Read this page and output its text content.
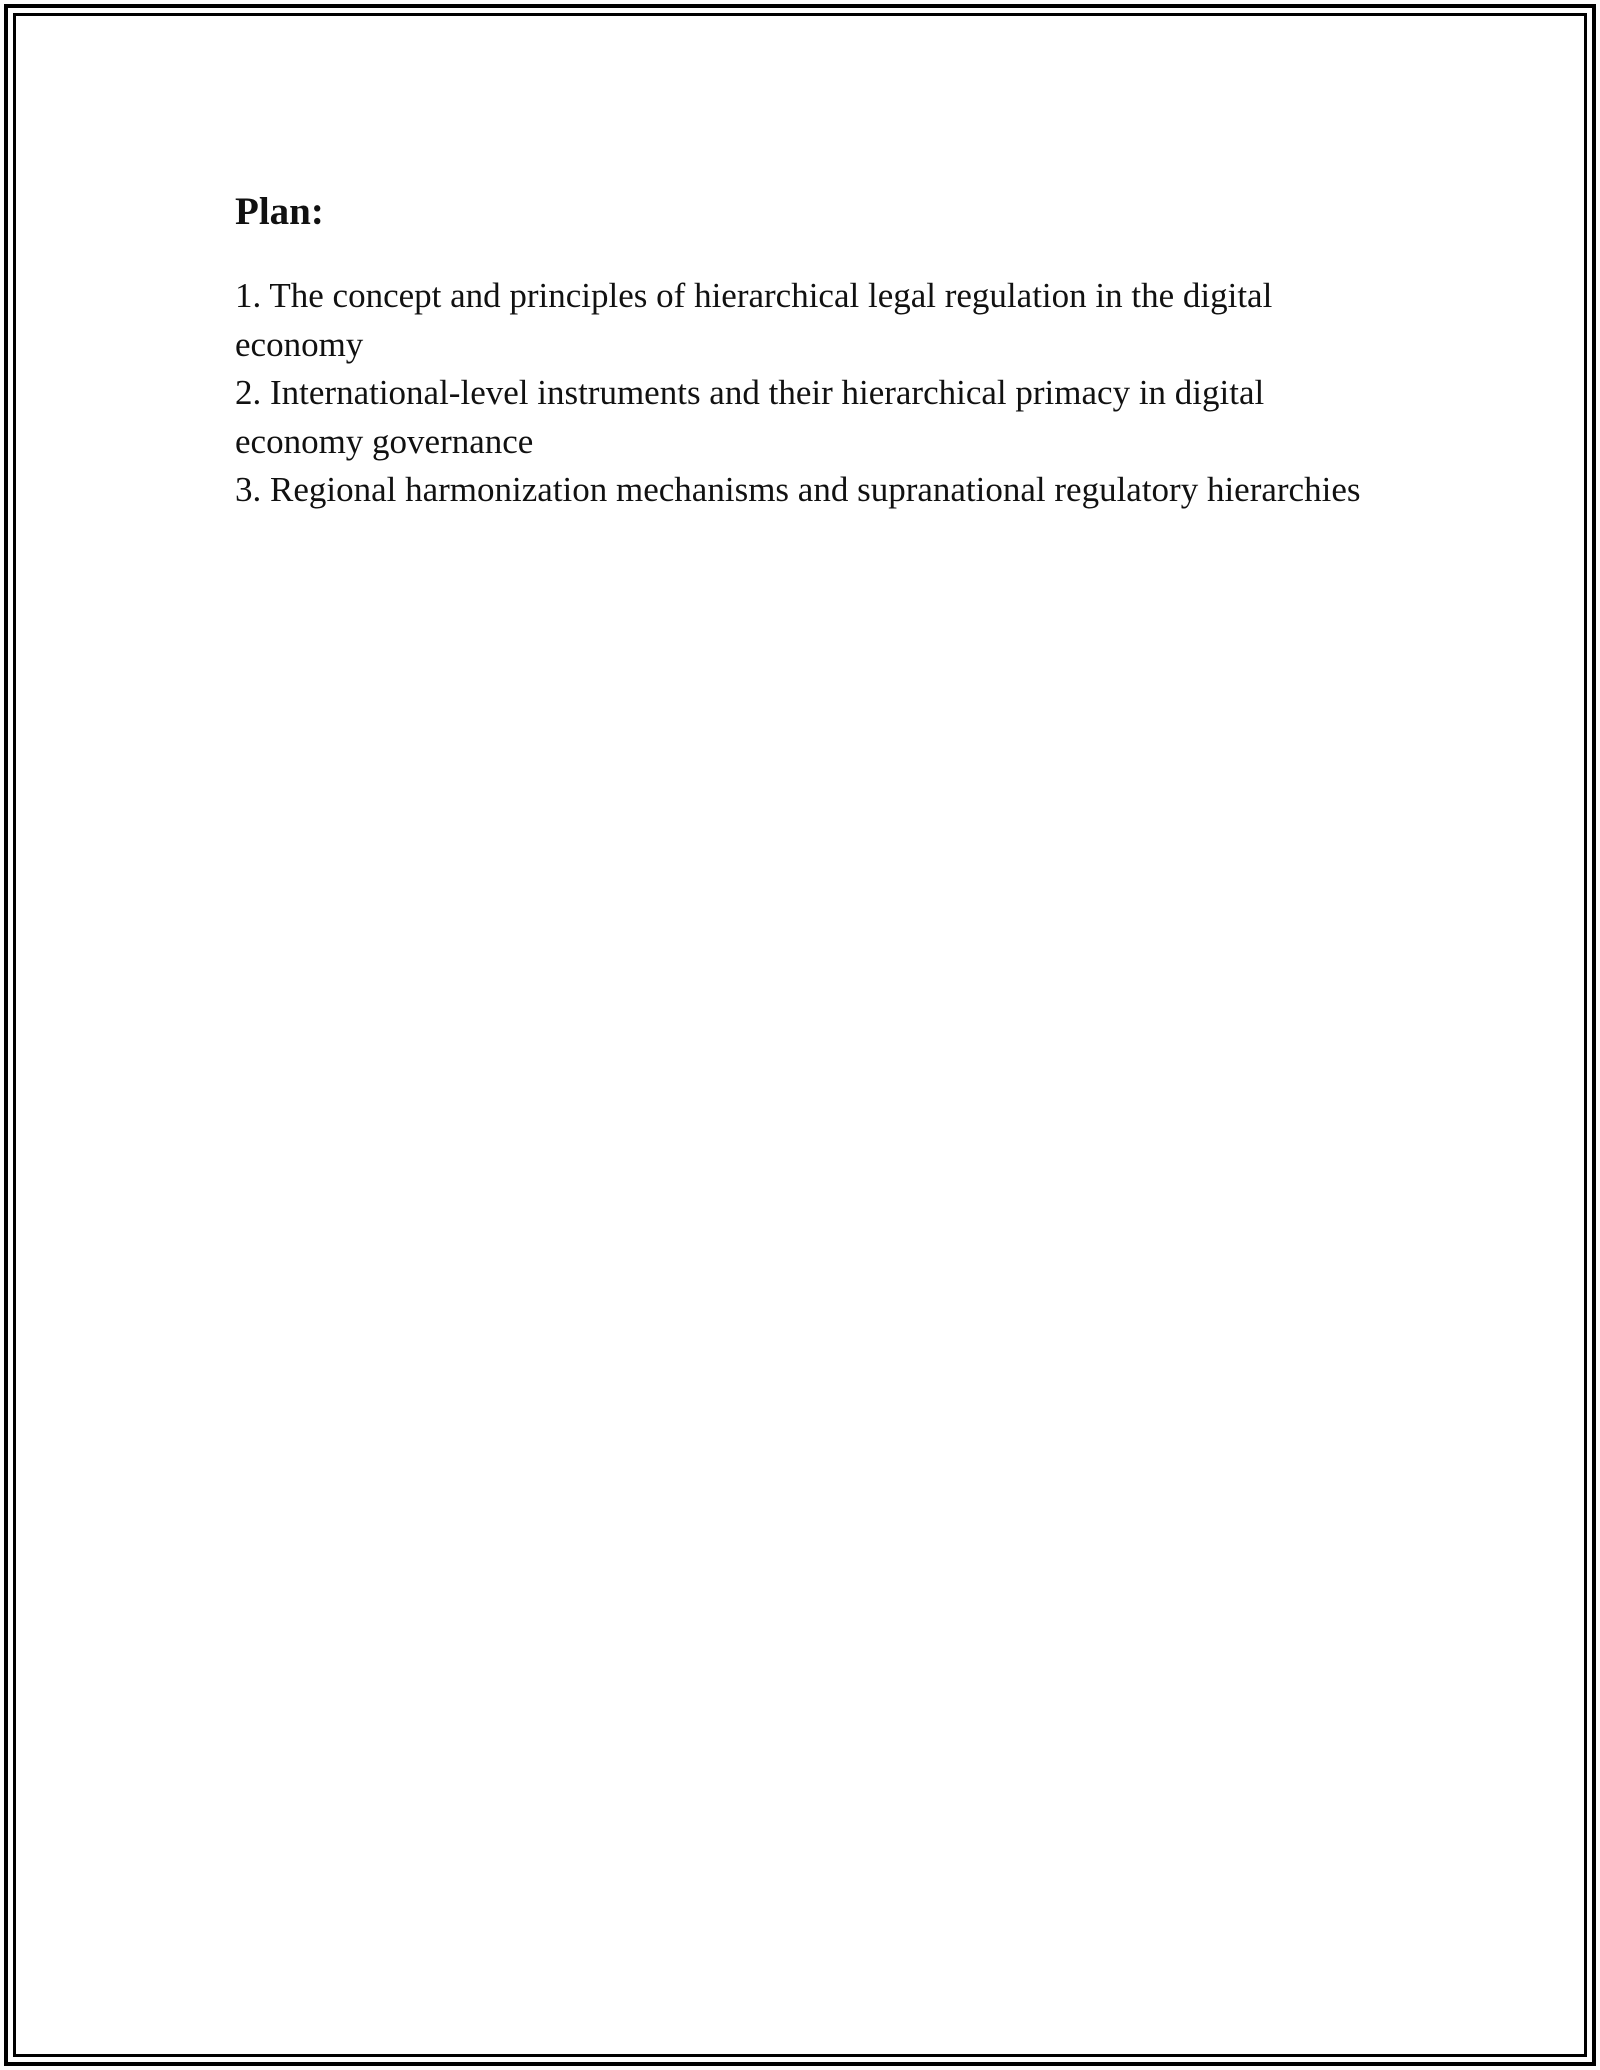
Plan:
1. The concept and principles of hierarchical legal regulation in the digital economy
2. International-level instruments and their hierarchical primacy in digital economy governance
3. Regional harmonization mechanisms and supranational regulatory hierarchies
